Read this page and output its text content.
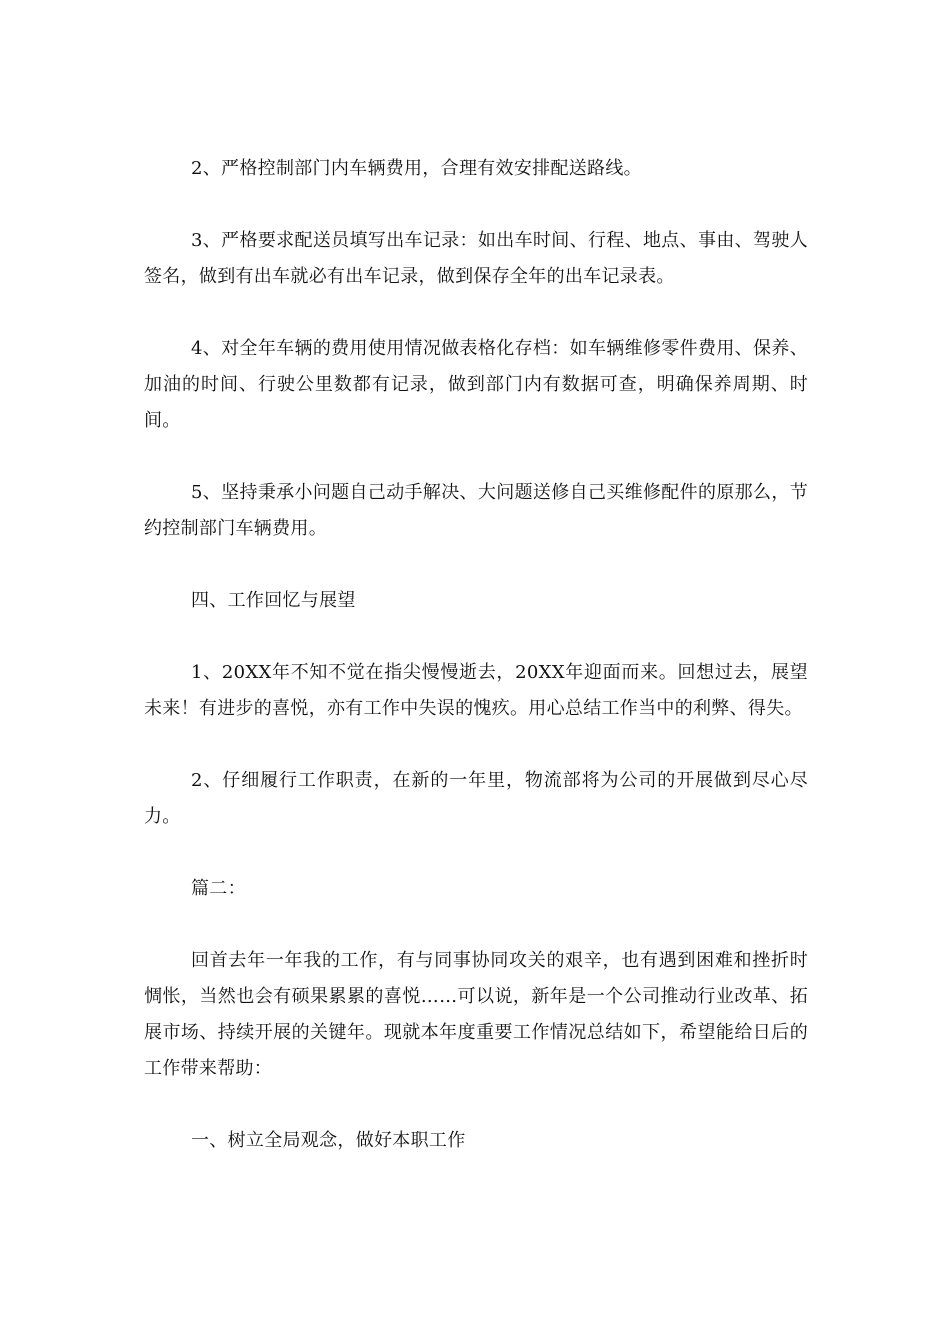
2、严格控制部门内车辆费用，合理有效安排配送路线。

3、严格要求配送员填写出车记录：如出车时间、行程、地点、事由、驾驶人签名，做到有出车就必有出车记录，做到保存全年的出车记录表。

4、对全年车辆的费用使用情况做表格化存档：如车辆维修零件费用、保养、加油的时间、行驶公里数都有记录，做到部门内有数据可查，明确保养周期、时间。

5、坚持秉承小问题自己动手解决、大问题送修自己买维修配件的原那么，节约控制部门车辆费用。

四、工作回忆与展望

1、20XX年不知不觉在指尖慢慢逝去，20XX年迎面而来。回想过去，展望未来！有进步的喜悦，亦有工作中失误的愧疚。用心总结工作当中的利弊、得失。

2、仔细履行工作职责，在新的一年里，物流部将为公司的开展做到尽心尽力。

篇二：

回首去年一年我的工作，有与同事协同攻关的艰辛，也有遇到困难和挫折时惆怅，当然也会有硕果累累的喜悦……可以说，新年是一个公司推动行业改革、拓展市场、持续开展的关键年。现就本年度重要工作情况总结如下，希望能给日后的工作带来帮助：

一、树立全局观念，做好本职工作
